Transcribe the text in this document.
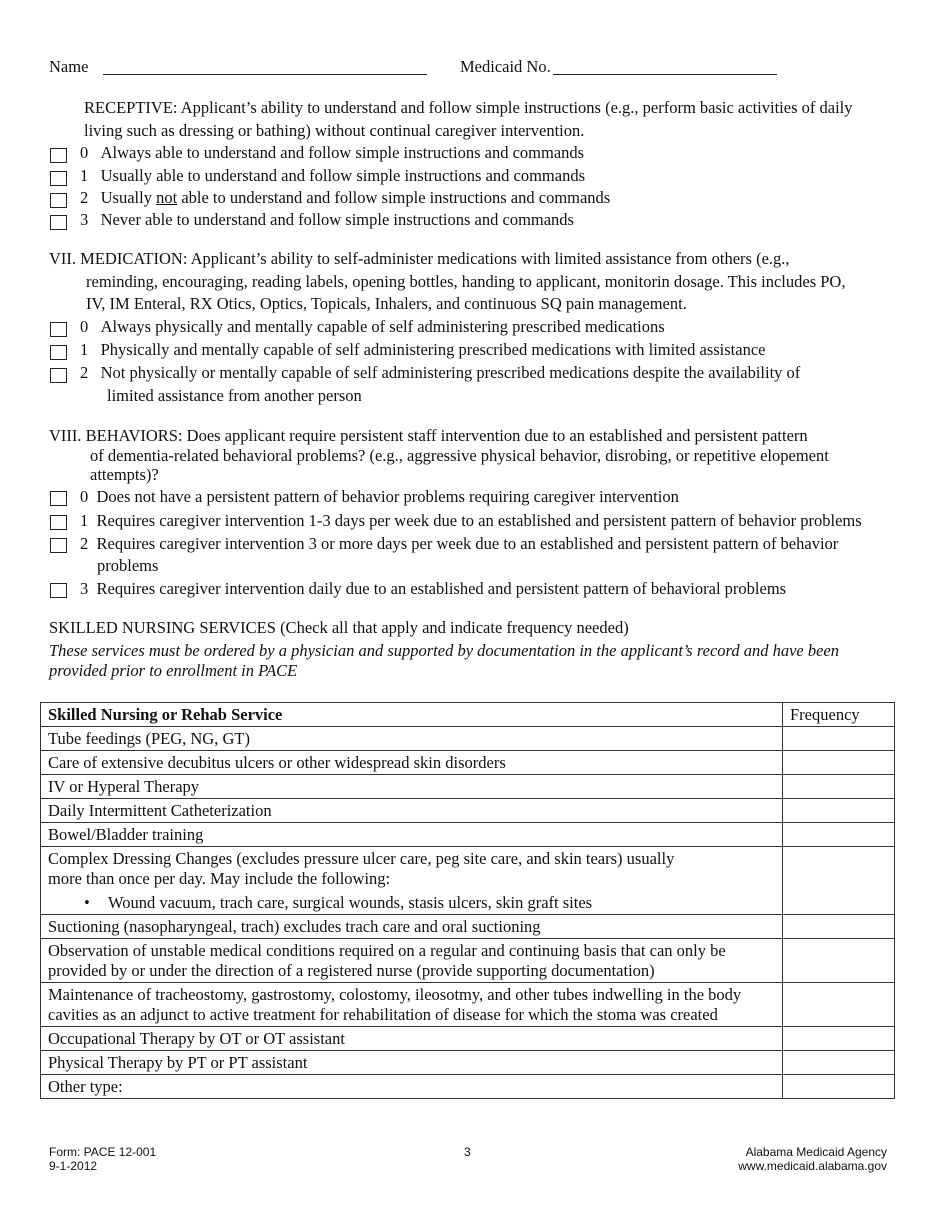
Name	Medicaid No.
RECEPTIVE: Applicant’s ability to understand and follow simple instructions (e.g., perform basic activities of daily
living such as dressing or bathing) without continual caregiver intervention.
0 Always able to understand and follow simple instructions and commands
1 Usually able to understand and follow simple instructions and commands
2 Usually not able to understand and follow simple instructions and commands
3 Never able to understand and follow simple instructions and commands
VII. MEDICATION: Applicant’s ability to self-administer medications with limited assistance from others (e.g.,
reminding, encouraging, reading labels, opening bottles, handing to applicant, monitorin dosage. This includes PO,
IV, IM Enteral, RX Otics, Optics, Topicals, Inhalers, and continuous SQ pain management.
0 Always physically and mentally capable of self administering prescribed medications
1 Physically and mentally capable of self administering prescribed medications with limited assistance
2 Not physically or mentally capable of self administering prescribed medications despite the availability of
limited assistance from another person
VIII. BEHAVIORS: Does applicant require persistent staff intervention due to an established and persistent pattern
of dementia-related behavioral problems? (e.g., aggressive physical behavior, disrobing, or repetitive elopement
attempts)?
0 Does not have a persistent pattern of behavior problems requiring caregiver intervention
1 Requires caregiver intervention 1-3 days per week due to an established and persistent pattern of behavior problems
2 Requires caregiver intervention 3 or more days per week due to an established and persistent pattern of behavior
problems
3 Requires caregiver intervention daily due to an established and persistent pattern of behavioral problems
SKILLED NURSING SERVICES (Check all that apply and indicate frequency needed)
These services must be ordered by a physician and supported by documentation in the applicant’s record and have been
provided prior to enrollment in PACE
Skilled Nursing or Rehab Service	Frequency
Tube feedings (PEG, NG, GT)	
Care of extensive decubitus ulcers or other widespread skin disorders	
IV or Hyperal Therapy	
Daily Intermittent Catheterization	
Bowel/Bladder training	

Complex Dressing Changes (excludes pressure ulcer care, peg site care, and skin tears) usually
more than once per day. May include the following:
• Wound vacuum, trach care, surgical wounds, stasis ulcers, skin graft sites

Suctioning (nasopharyngeal, trach) excludes trach care and oral suctioning	

Observation of unstable medical conditions required on a regular and continuing basis that can only be
provided by or under the direction of a registered nurse (provide supporting documentation)	

Maintenance of tracheostomy, gastrostomy, colostomy, ileosotmy, and other tubes indwelling in the body
cavities as an adjunct to active treatment for rehabilitation of disease for which the stoma was created	

Occupational Therapy by OT or OT assistant	
Physical Therapy by PT or PT assistant	
Other type:	
Form: PACE 12-001
9-1-2012
3	Alabama Medicaid Agency
www.medicaid.alabama.gov
